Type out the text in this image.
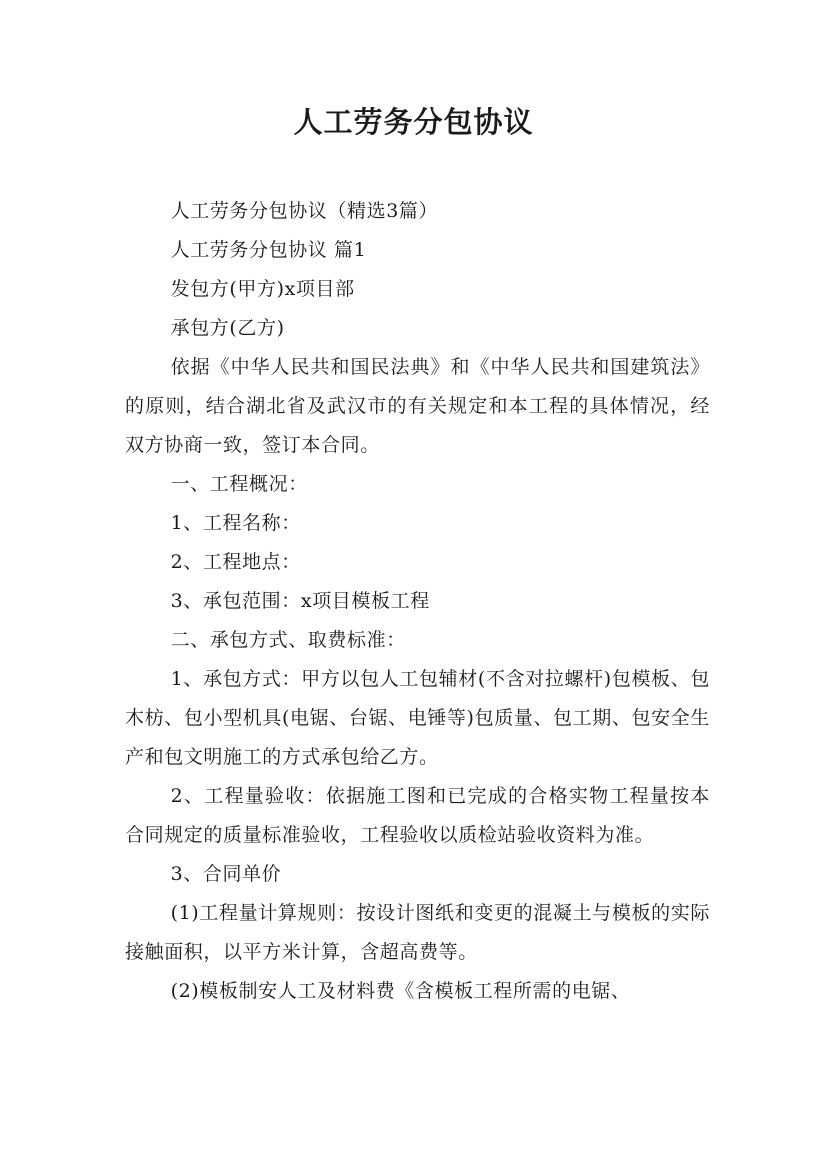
人工劳务分包协议

人工劳务分包协议（精选3篇）

人工劳务分包协议 篇1

发包方(甲方)x项目部

承包方(乙方)

依据《中华人民共和国民法典》和《中华人民共和国建筑法》的原则，结合湖北省及武汉市的有关规定和本工程的具体情况，经双方协商一致，签订本合同。

一、工程概况：

1、工程名称：

2、工程地点：

3、承包范围：x项目模板工程

二、承包方式、取费标准：

1、承包方式：甲方以包人工包辅材(不含对拉螺杆)包模板、包木枋、包小型机具(电锯、台锯、电锤等)包质量、包工期、包安全生产和包文明施工的方式承包给乙方。

2、工程量验收：依据施工图和已完成的合格实物工程量按本合同规定的质量标准验收，工程验收以质检站验收资料为准。

3、合同单价

(1)工程量计算规则：按设计图纸和变更的混凝土与模板的实际接触面积，以平方米计算，含超高费等。

(2)模板制安人工及材料费《含模板工程所需的电锯、
